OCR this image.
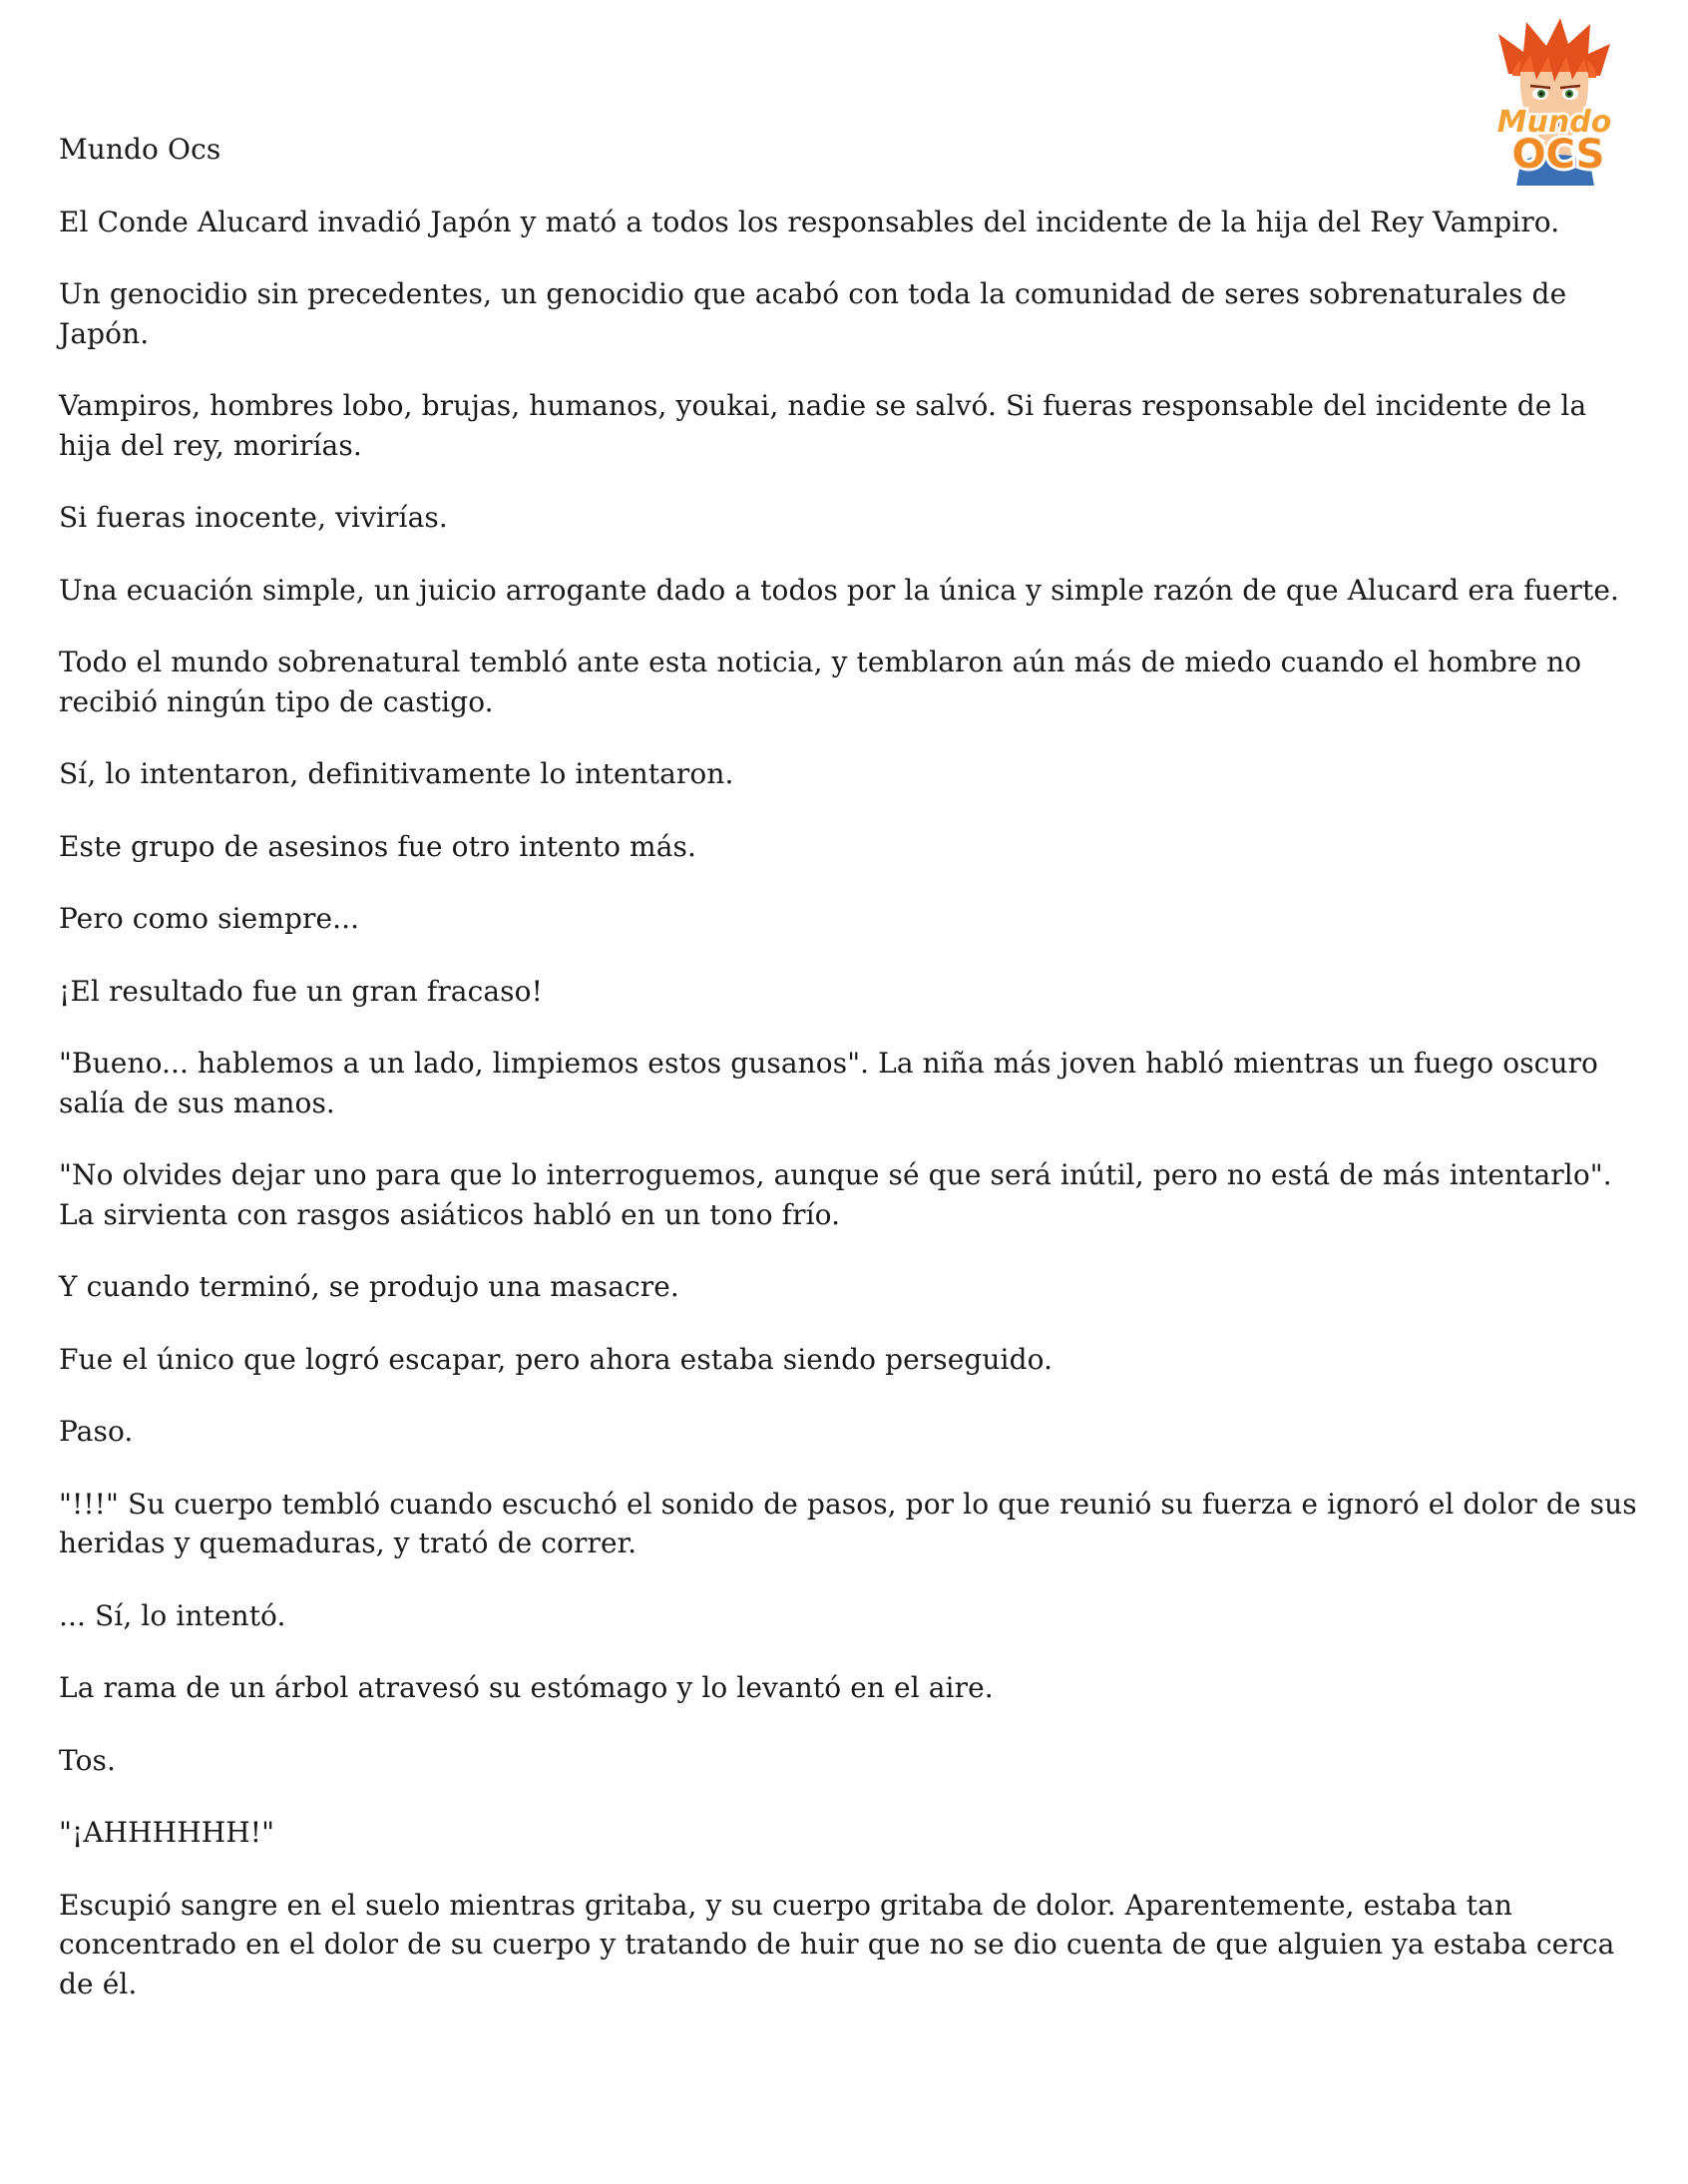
Mundo
OCS

Mundo Ocs

El Conde Alucard invadió Japón y mató a todos los responsables del incidente de la hija del Rey Vampiro.

Un genocidio sin precedentes, un genocidio que acabó con toda la comunidad de seres sobrenaturales de Japón.

Vampiros, hombres lobo, brujas, humanos, youkai, nadie se salvó. Si fueras responsable del incidente de la hija del rey, morirías.

Si fueras inocente, vivirías.

Una ecuación simple, un juicio arrogante dado a todos por la única y simple razón de que Alucard era fuerte.

Todo el mundo sobrenatural tembló ante esta noticia, y temblaron aún más de miedo cuando el hombre no recibió ningún tipo de castigo.

Sí, lo intentaron, definitivamente lo intentaron.

Este grupo de asesinos fue otro intento más.

Pero como siempre...

¡El resultado fue un gran fracaso!

"Bueno... hablemos a un lado, limpiemos estos gusanos". La niña más joven habló mientras un fuego oscuro salía de sus manos.

"No olvides dejar uno para que lo interroguemos, aunque sé que será inútil, pero no está de más intentarlo". La sirvienta con rasgos asiáticos habló en un tono frío.

Y cuando terminó, se produjo una masacre.

Fue el único que logró escapar, pero ahora estaba siendo perseguido.

Paso.

"!!!" Su cuerpo tembló cuando escuchó el sonido de pasos, por lo que reunió su fuerza e ignoró el dolor de sus heridas y quemaduras, y trató de correr.

... Sí, lo intentó.

La rama de un árbol atravesó su estómago y lo levantó en el aire.

Tos.

"¡AHHHHHH!"

Escupió sangre en el suelo mientras gritaba, y su cuerpo gritaba de dolor. Aparentemente, estaba tan concentrado en el dolor de su cuerpo y tratando de huir que no se dio cuenta de que alguien ya estaba cerca de él.
